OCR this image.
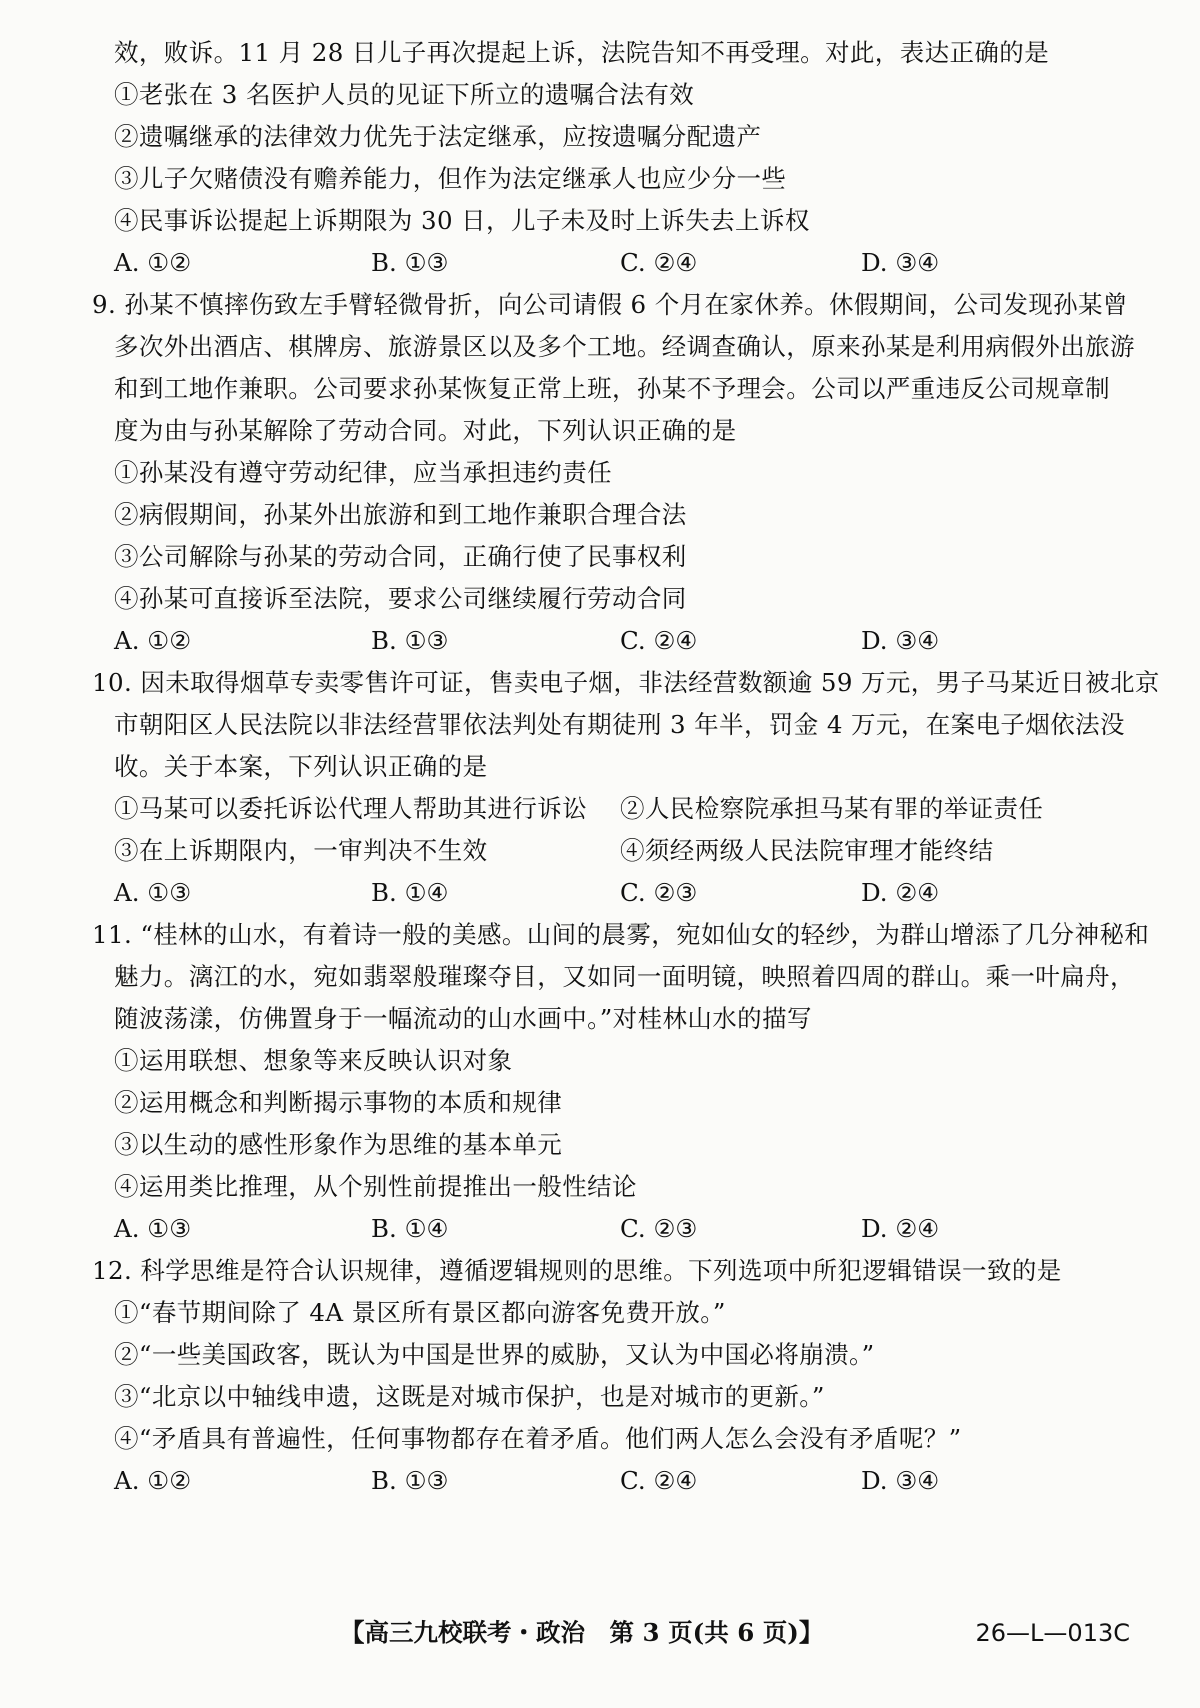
效，败诉。11 月 28 日儿子再次提起上诉，法院告知不再受理。对此，表达正确的是
①老张在 3 名医护人员的见证下所立的遗嘱合法有效
②遗嘱继承的法律效力优先于法定继承，应按遗嘱分配遗产
③儿子欠赌债没有赡养能力，但作为法定继承人也应少分一些
④民事诉讼提起上诉期限为 30 日，儿子未及时上诉失去上诉权
A. ①②	B. ①③	C. ②④	D. ③④
9. 孙某不慎摔伤致左手臂轻微骨折，向公司请假 6 个月在家休养。休假期间，公司发现孙某曾
多次外出酒店、棋牌房、旅游景区以及多个工地。经调查确认，原来孙某是利用病假外出旅游
和到工地作兼职。公司要求孙某恢复正常上班，孙某不予理会。公司以严重违反公司规章制
度为由与孙某解除了劳动合同。对此，下列认识正确的是
①孙某没有遵守劳动纪律，应当承担违约责任
②病假期间，孙某外出旅游和到工地作兼职合理合法
③公司解除与孙某的劳动合同，正确行使了民事权利
④孙某可直接诉至法院，要求公司继续履行劳动合同
A. ①②	B. ①③	C. ②④	D. ③④
10. 因未取得烟草专卖零售许可证，售卖电子烟，非法经营数额逾 59 万元，男子马某近日被北京
市朝阳区人民法院以非法经营罪依法判处有期徒刑 3 年半，罚金 4 万元，在案电子烟依法没
收。关于本案，下列认识正确的是
①马某可以委托诉讼代理人帮助其进行诉讼 ②人民检察院承担马某有罪的举证责任
③在上诉期限内，一审判决不生效	④须经两级人民法院审理才能终结
A. ①③	B. ①④	C. ②③	D. ②④
11. “桂林的山水，有着诗一般的美感。山间的晨雾，宛如仙女的轻纱，为群山增添了几分神秘和
魅力。漓江的水，宛如翡翠般璀璨夺目，又如同一面明镜，映照着四周的群山。乘一叶扁舟，
随波荡漾，仿佛置身于一幅流动的山水画中。”对桂林山水的描写
①运用联想、想象等来反映认识对象
②运用概念和判断揭示事物的本质和规律
③以生动的感性形象作为思维的基本单元
④运用类比推理，从个别性前提推出一般性结论
A. ①③	B. ①④	C. ②③	D. ②④
12. 科学思维是符合认识规律，遵循逻辑规则的思维。下列选项中所犯逻辑错误一致的是
①“春节期间除了 4A 景区所有景区都向游客免费开放。”
②“一些美国政客，既认为中国是世界的威胁，又认为中国必将崩溃。”
③“北京以中轴线申遗，这既是对城市保护，也是对城市的更新。”
④“矛盾具有普遍性，任何事物都存在着矛盾。他们两人怎么会没有矛盾呢？”
A. ①②	B. ①③	C. ②④	D. ③④
【高三九校联考・政治　第 3 页(共 6 页)】	26—L—013C
